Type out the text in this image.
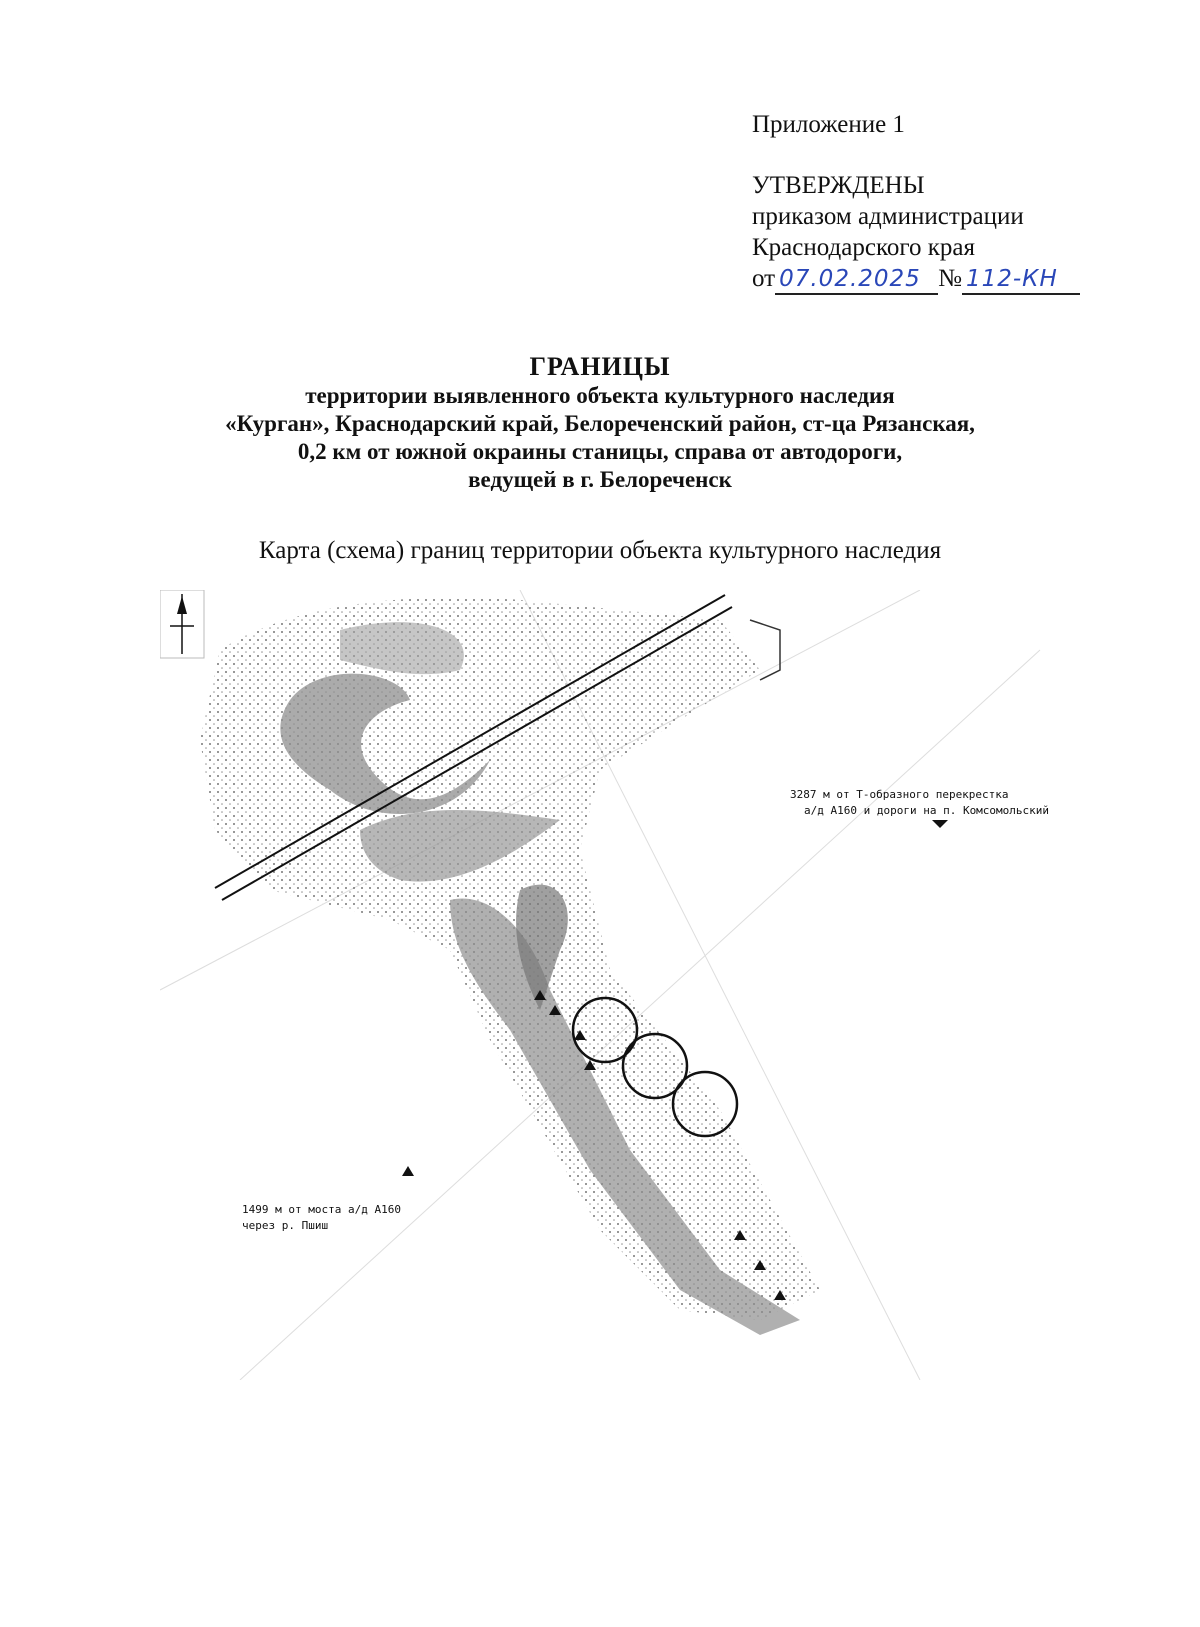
Приложение 1
УТВЕРЖДЕНЫ
приказом администрации
Краснодарского края
от 07.02.2025 № 112-КН
ГРАНИЦЫ
территории выявленного объекта культурного наследия
«Курган», Краснодарский край, Белореченский район, ст-ца Рязанская,
0,2 км от южной окраины станицы, справа от автодороги,
ведущей в г. Белореченск
Карта (схема) границ территории объекта культурного наследия
3287 м от Т-образного перекрестка
а/д А160 и дороги на п. Комсомольский
1499 м от моста а/д А160
через р. Пшиш
